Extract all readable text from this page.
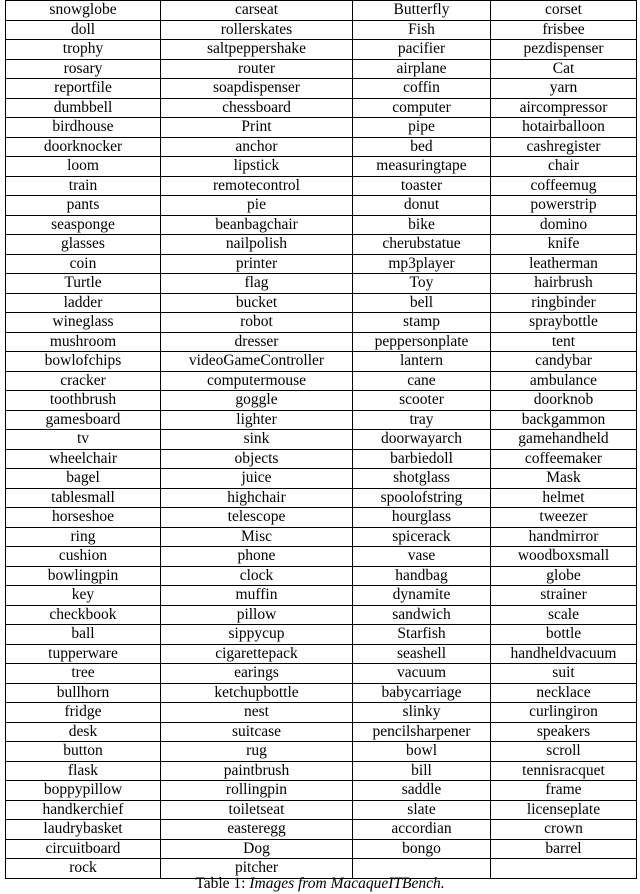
snowglobe	carseat	Butterfly	corset
doll	rollerskates	Fish	frisbee
trophy	saltpeppershake	pacifier	pezdispenser
rosary	router	airplane	Cat
reportfile	soapdispenser	coffin	yarn
dumbbell	chessboard	computer	aircompressor
birdhouse	Print	pipe	hotairballoon
doorknocker	anchor	bed	cashregister
loom	lipstick	measuringtape	chair
train	remotecontrol	toaster	coffeemug
pants	pie	donut	powerstrip
seasponge	beanbagchair	bike	domino
glasses	nailpolish	cherubstatue	knife
coin	printer	mp3player	leatherman
Turtle	flag	Toy	hairbrush
ladder	bucket	bell	ringbinder
wineglass	robot	stamp	spraybottle
mushroom	dresser	peppersonplate	tent
bowlofchips	videoGameController	lantern	candybar
cracker	computermouse	cane	ambulance
toothbrush	goggle	scooter	doorknob
gamesboard	lighter	tray	backgammon
tv	sink	doorwayarch	gamehandheld
wheelchair	objects	barbiedoll	coffeemaker
bagel	juice	shotglass	Mask
tablesmall	highchair	spoolofstring	helmet
horseshoe	telescope	hourglass	tweezer
ring	Misc	spicerack	handmirror
cushion	phone	vase	woodboxsmall
bowlingpin	clock	handbag	globe
key	muffin	dynamite	strainer
checkbook	pillow	sandwich	scale
ball	sippycup	Starfish	bottle
tupperware	cigarettepack	seashell	handheldvacuum
tree	earings	vacuum	suit
bullhorn	ketchupbottle	babycarriage	necklace
fridge	nest	slinky	curlingiron
desk	suitcase	pencilsharpener	speakers
button	rug	bowl	scroll
flask	paintbrush	bill	tennisracquet
boppypillow	rollingpin	saddle	frame
handkerchief	toiletseat	slate	licenseplate
laudrybasket	easteregg	accordian	crown
circuitboard	Dog	bongo	barrel
rock	pitcher		
Table 1: Images from MacaqueITBench.
